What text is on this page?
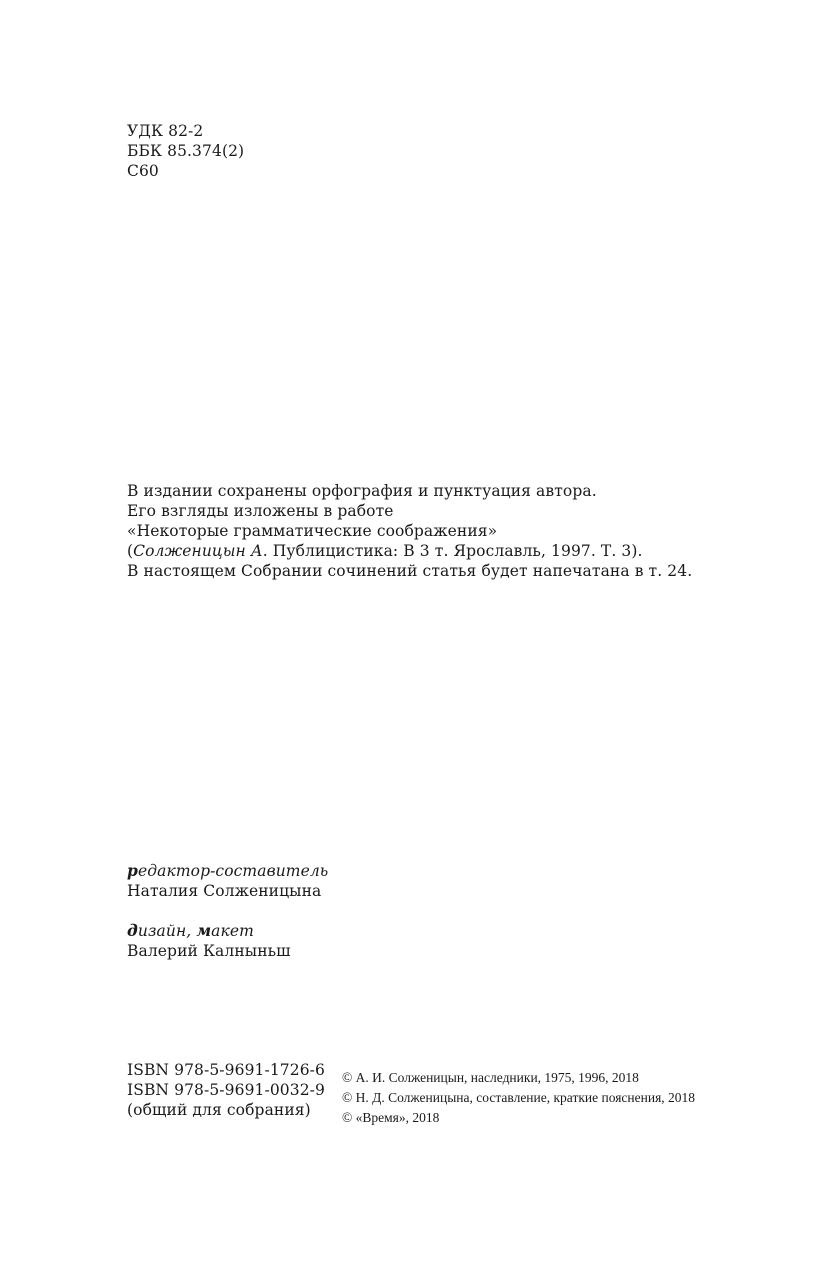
УДК 82-2
ББК 85.374(2)
С60
В издании сохранены орфография и пунктуация автора.
Его взгляды изложены в работе
«Некоторые грамматические соображения»
(Солженицын А. Публицистика: В 3 т. Ярославль, 1997. Т. 3).
В настоящем Собрании сочинений статья будет напечатана в т. 24.
редактор-составитель
Наталия Солженицына
дизайн, макет
Валерий Калныньш
ISBN 978-5-9691-1726-6
ISBN 978-5-9691-0032-9
(общий для собрания)
© А. И. Солженицын, наследники, 1975, 1996, 2018
© Н. Д. Солженицына, составление, краткие пояснения, 2018
© «Время», 2018
